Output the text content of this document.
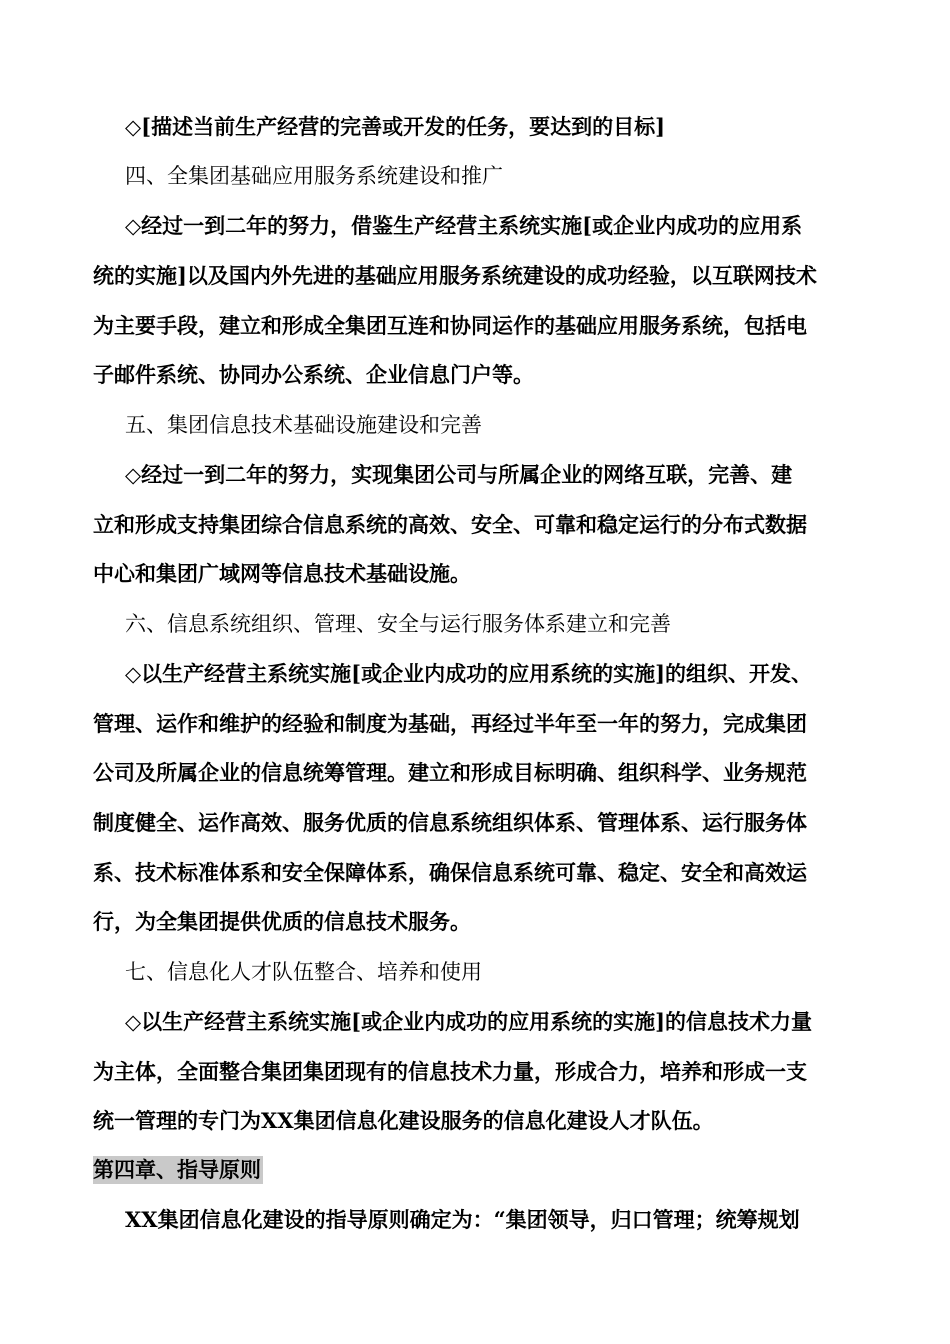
◇[描述当前生产经营的完善或开发的任务，要达到的目标]
四、全集团基础应用服务系统建设和推广
◇经过一到二年的努力，借鉴生产经营主系统实施[或企业内成功的应用系
统的实施]以及国内外先进的基础应用服务系统建设的成功经验，以互联网技术
为主要手段，建立和形成全集团互连和协同运作的基础应用服务系统，包括电
子邮件系统、协同办公系统、企业信息门户等。
五、集团信息技术基础设施建设和完善
◇经过一到二年的努力，实现集团公司与所属企业的网络互联，完善、建
立和形成支持集团综合信息系统的高效、安全、可靠和稳定运行的分布式数据
中心和集团广域网等信息技术基础设施。
六、信息系统组织、管理、安全与运行服务体系建立和完善
◇以生产经营主系统实施[或企业内成功的应用系统的实施]的组织、开发、
管理、运作和维护的经验和制度为基础，再经过半年至一年的努力，完成集团
公司及所属企业的信息统筹管理。建立和形成目标明确、组织科学、业务规范
制度健全、运作高效、服务优质的信息系统组织体系、管理体系、运行服务体
系、技术标准体系和安全保障体系，确保信息系统可靠、稳定、安全和高效运
行，为全集团提供优质的信息技术服务。
七、信息化人才队伍整合、培养和使用
◇以生产经营主系统实施[或企业内成功的应用系统的实施]的信息技术力量
为主体，全面整合集团集团现有的信息技术力量，形成合力，培养和形成一支
统一管理的专门为XX集团信息化建设服务的信息化建设人才队伍。
第四章、指导原则
XX集团信息化建设的指导原则确定为：“集团领导，归口管理；统筹规划
